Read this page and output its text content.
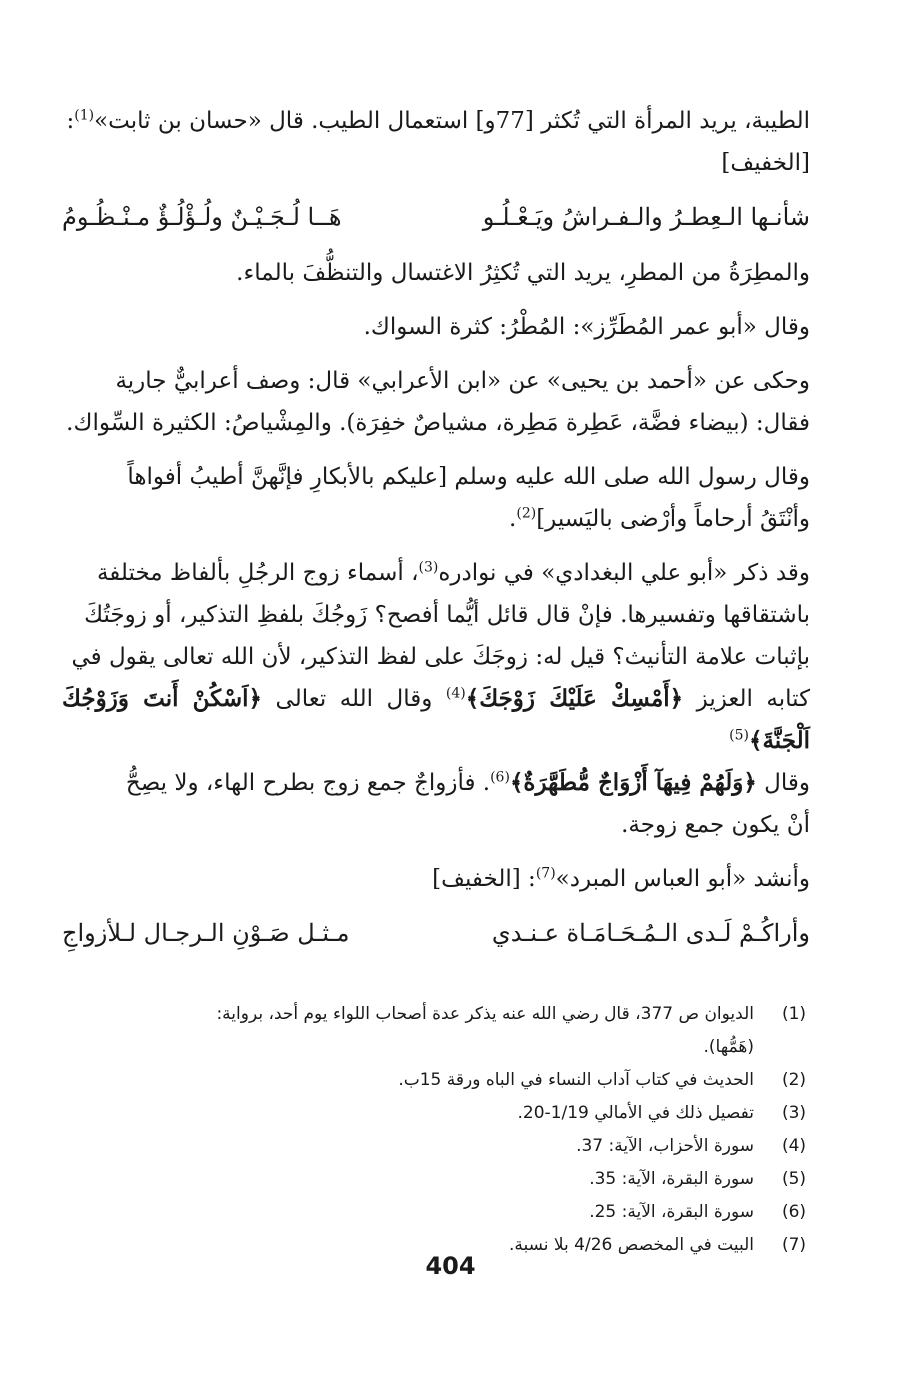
الطيبة، يريد المرأة التي تُكثر [77و] استعمال الطيب. قال «حسان بن ثابت»$^{(1)}$:

[الخفيف]

شأنـها الـعِطـرُ والـفـراشُ ويَـعْـلُـو
هَــا لُـجَـيْـنٌ ولُـؤْلُـؤٌ مـنْـظُـومُ

والمطِرَةُ من المطرِ، يريد التي تُكثِرُ الاغتسال والتنظُّفَ بالماء.

وقال «أبو عمر المُطَرِّز»: المُطْرُ: كثرة السواك.

وحكى عن «أحمد بن يحيى» عن «ابن الأعرابي» قال: وصف أعرابيٌّ جارية

فقال: (بيضاء فضَّة، عَطِرة مَطِرة، مشياصٌ خفِرَة). والمِشْياصُ: الكثيرة السِّواك.

وقال رسول الله صلى الله عليه وسلم [عليكم بالأبكارِ فإنَّهنَّ أطيبُ أفواهاً

وأنْتَقُ أرحاماً وأرْضى باليَسير]$^{(2)}$.

وقد ذكر «أبو علي البغدادي» في نوادره$^{(3)}$، أسماء زوج الرجُلِ بألفاظ مختلفة

باشتقاقها وتفسيرها. فإنْ قال قائل أيُّما أفصح؟ زَوجُكَ بلفظِ التذكير، أو زوجَتُكَ

بإثبات علامة التأنيث؟ قيل له: زوجَكَ على لفظ التذكير، لأن الله تعالى يقول في

كتابه العزيز ﴿أَمْسِكْ عَلَيْكَ زَوْجَكَ﴾$^{(4)}$ وقال الله تعالى ﴿اَسْكُنْ أَنتَ وَزَوْجُكَ اَلْجَنَّةَ﴾$^{(5)}$

وقال ﴿وَلَهُمْ فِيهَآ أَزْوَاجٌ مُّطَهَّرَةٌ﴾$^{(6)}$. فأزواجٌ جمع زوج بطرح الهاء، ولا يصِحُّ

أنْ يكون جمع زوجة.

وأنشد «أبو العباس المبرد»$^{(7)}$: [الخفيف]

وأراكُـمْ لَـدى الـمُـحَـامَـاة عـنـدي
مـثـل صَـوْنِ الـرجـال لـلأزواجِ
(1)
الديوان ص 377، قال رضي الله عنه يذكر عدة أصحاب اللواء يوم أحد، برواية: (هَمُّها).
(2)
الحديث في كتاب آداب النساء في الباه ورقة 15ب.
(3)
تفصيل ذلك في الأمالي 1/19-20.
(4)
سورة الأحزاب، الآية: 37.
(5)
سورة البقرة، الآية: 35.
(6)
سورة البقرة، الآية: 25.
(7)
البيت في المخصص 4/26 بلا نسبة.
404
